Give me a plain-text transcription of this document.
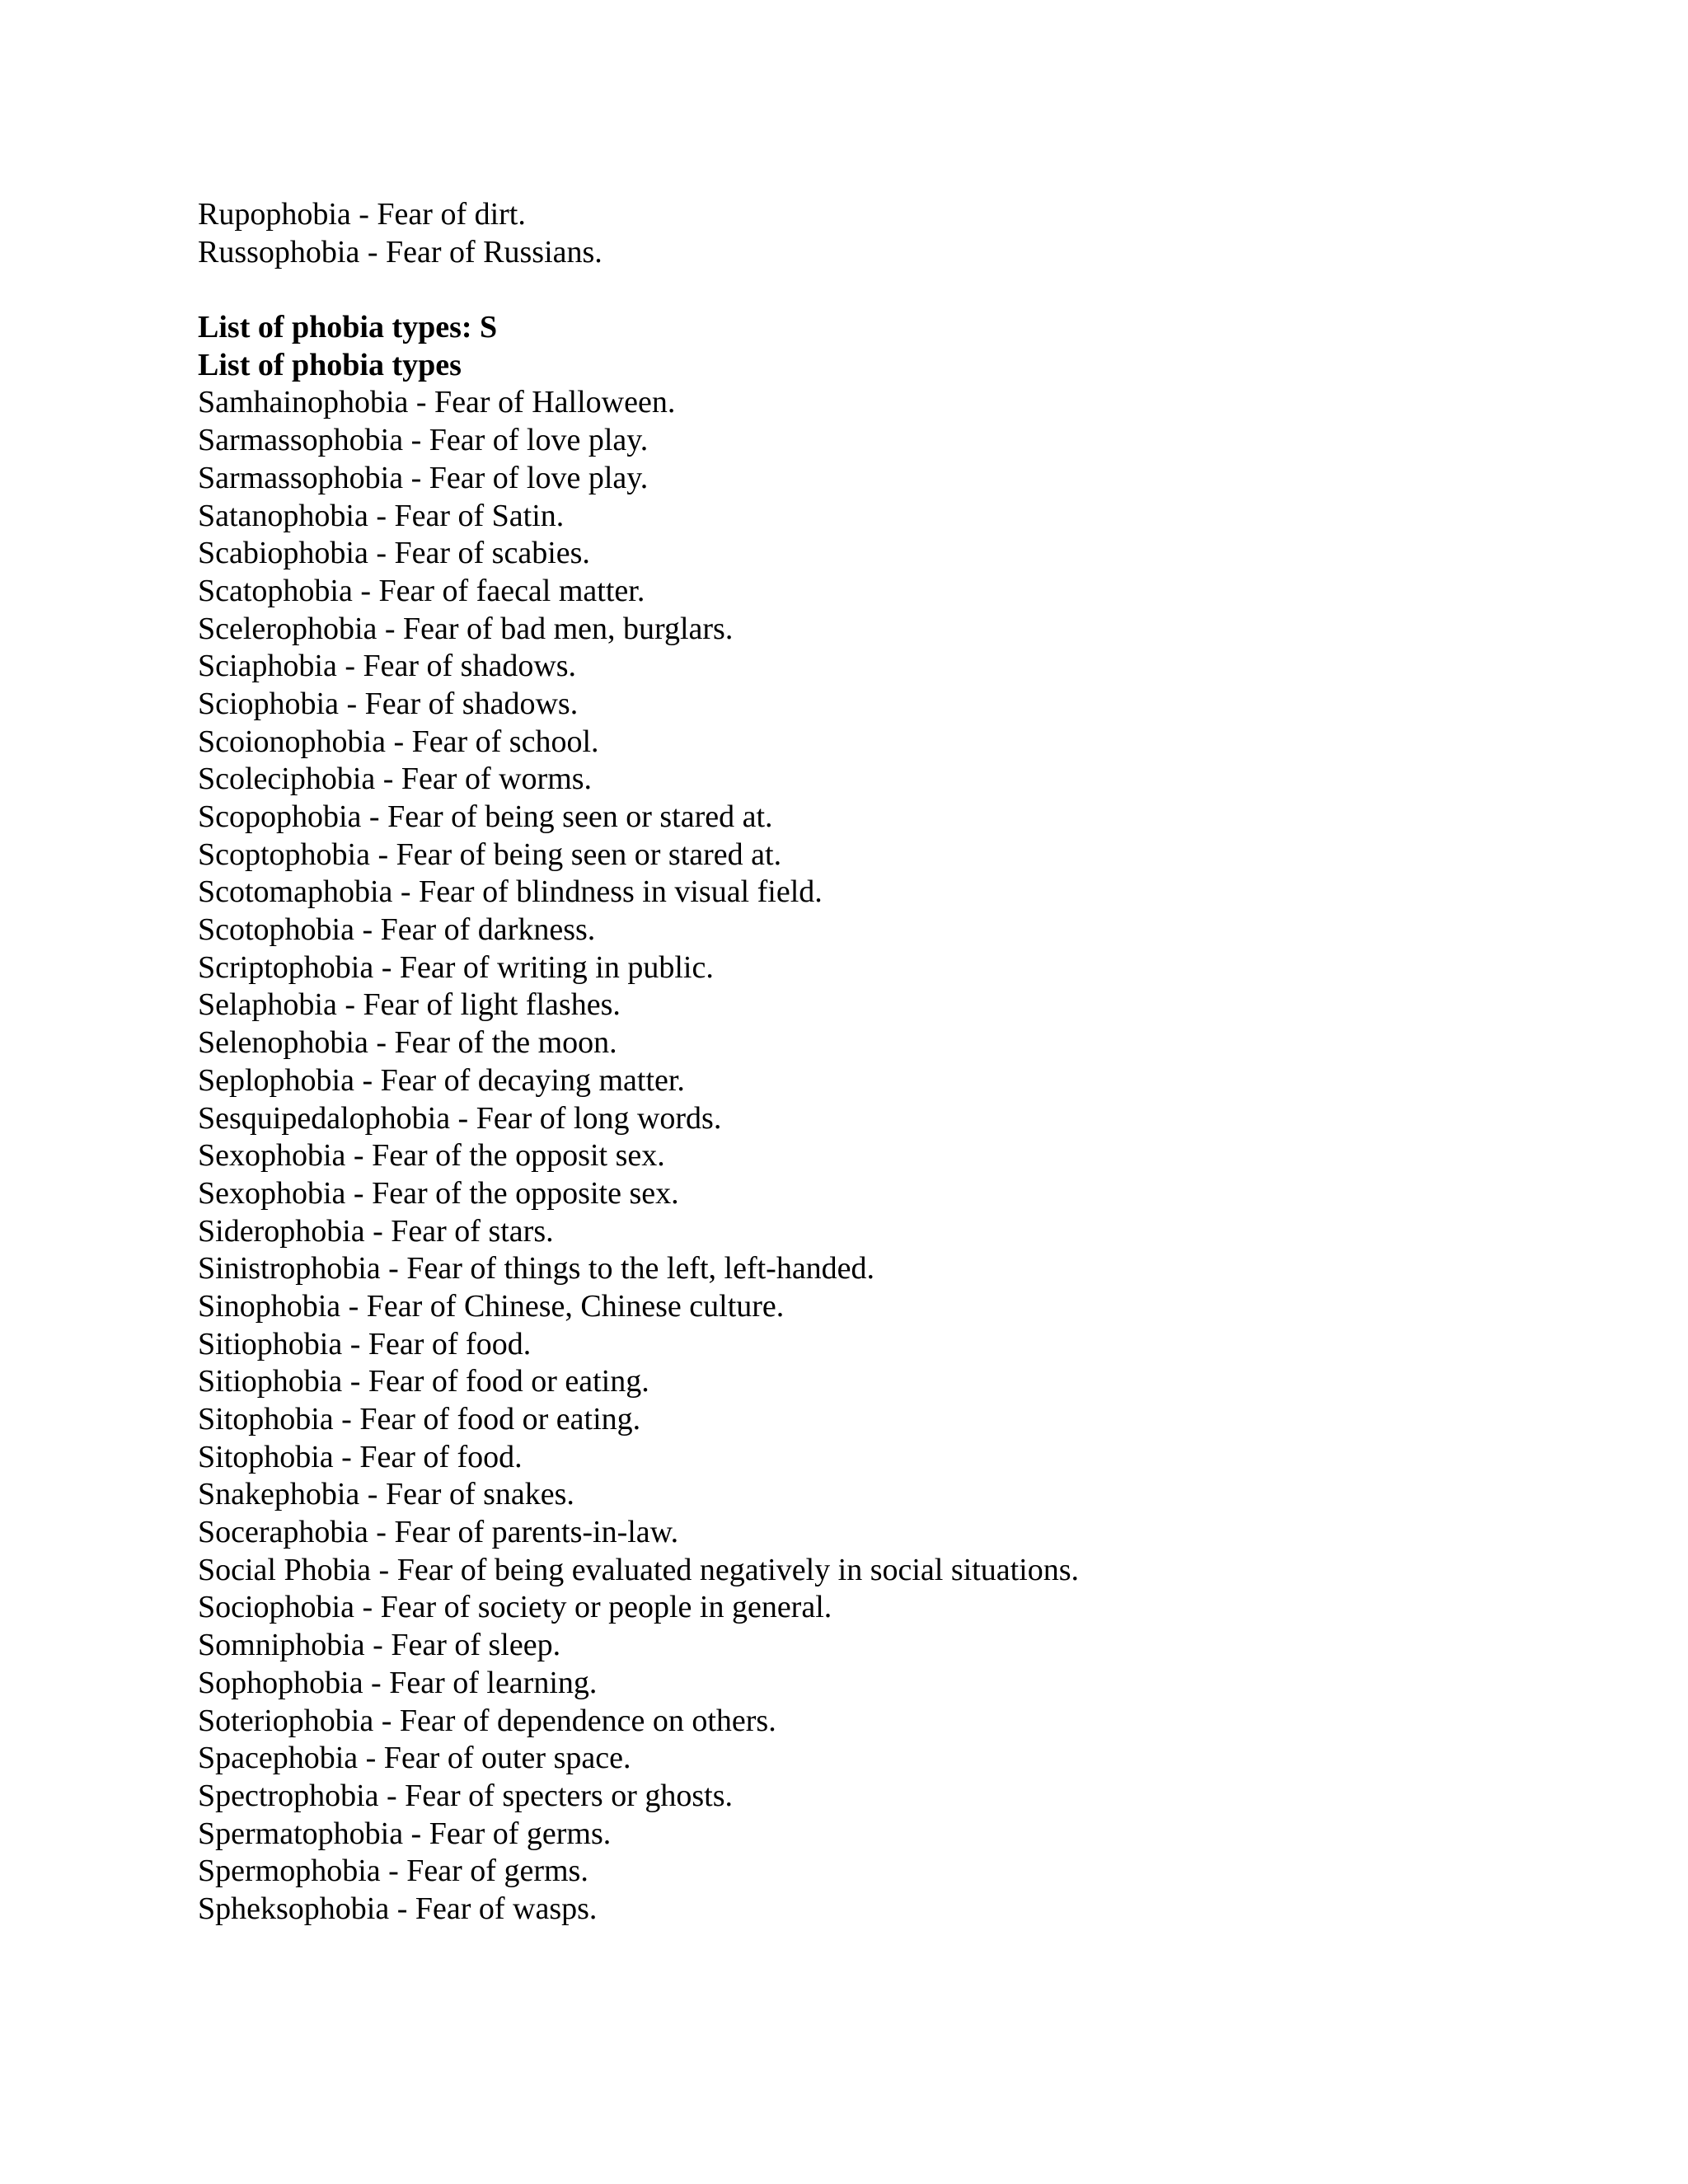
Rupophobia - Fear of dirt.
Russophobia - Fear of Russians.
List of phobia types: S
List of phobia types
Samhainophobia - Fear of Halloween.
Sarmassophobia - Fear of love play.
Sarmassophobia - Fear of love play.
Satanophobia - Fear of Satin.
Scabiophobia - Fear of scabies.
Scatophobia - Fear of faecal matter.
Scelerophobia - Fear of bad men, burglars.
Sciaphobia - Fear of shadows.
Sciophobia - Fear of shadows.
Scoionophobia - Fear of school.
Scoleciphobia - Fear of worms.
Scopophobia - Fear of being seen or stared at.
Scoptophobia - Fear of being seen or stared at.
Scotomaphobia - Fear of blindness in visual field.
Scotophobia - Fear of darkness.
Scriptophobia - Fear of writing in public.
Selaphobia - Fear of light flashes.
Selenophobia - Fear of the moon.
Seplophobia - Fear of decaying matter.
Sesquipedalophobia - Fear of long words.
Sexophobia - Fear of the opposit sex.
Sexophobia - Fear of the opposite sex.
Siderophobia - Fear of stars.
Sinistrophobia - Fear of things to the left, left-handed.
Sinophobia - Fear of Chinese, Chinese culture.
Sitiophobia - Fear of food.
Sitiophobia - Fear of food or eating.
Sitophobia - Fear of food or eating.
Sitophobia - Fear of food.
Snakephobia - Fear of snakes.
Soceraphobia - Fear of parents-in-law.
Social Phobia - Fear of being evaluated negatively in social situations.
Sociophobia - Fear of society or people in general.
Somniphobia - Fear of sleep.
Sophophobia - Fear of learning.
Soteriophobia - Fear of dependence on others.
Spacephobia - Fear of outer space.
Spectrophobia - Fear of specters or ghosts.
Spermatophobia - Fear of germs.
Spermophobia - Fear of germs.
Spheksophobia - Fear of wasps.
